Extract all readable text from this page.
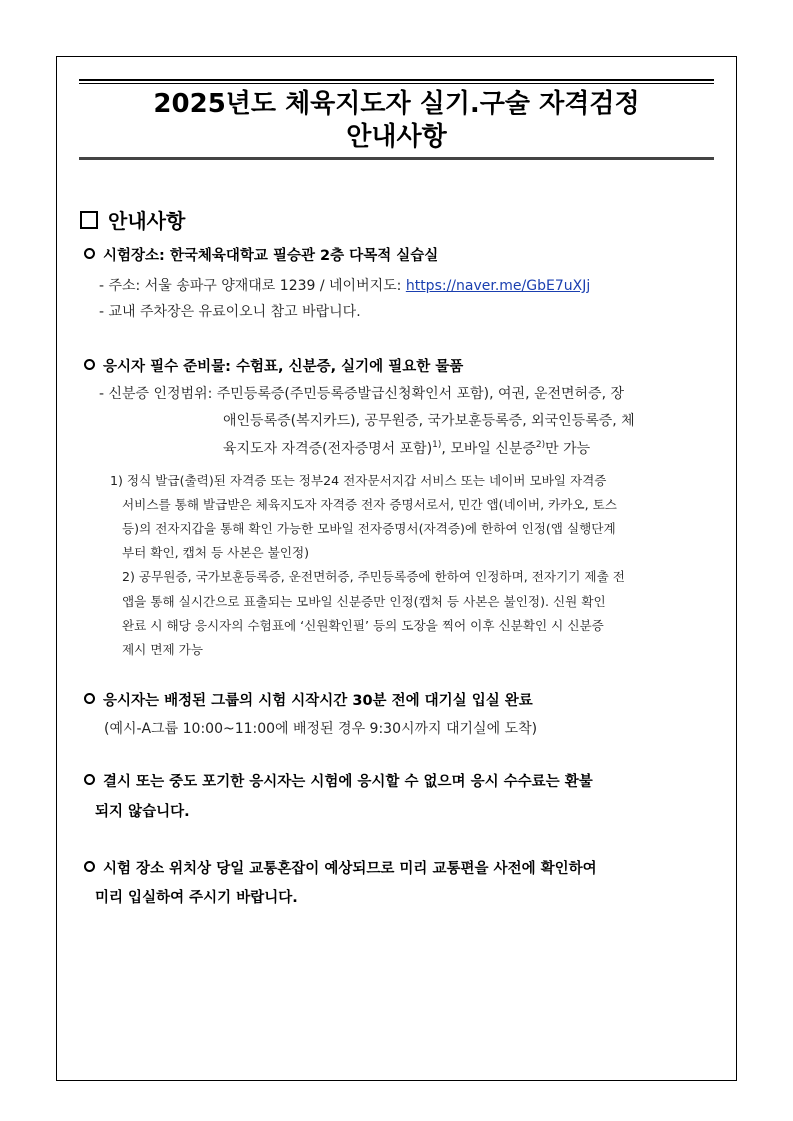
2025년도 체육지도자 실기.구술 자격검정
안내사항
안내사항
시험장소: 한국체육대학교 필승관 2층 다목적 실습실
- 주소: 서울 송파구 양재대로 1239 / 네이버지도: https://naver.me/GbE7uXJj
- 교내 주차장은 유료이오니 참고 바랍니다.
응시자 필수 준비물: 수험표, 신분증, 실기에 필요한 물품
- 신분증 인정범위: 주민등록증(주민등록증발급신청확인서 포함), 여권, 운전면허증, 장
애인등록증(복지카드), 공무원증, 국가보훈등록증, 외국인등록증, 체
육지도자 자격증(전자증명서 포함)$^{1)}$, 모바일 신분증$^{2)}$만 가능
1) 정식 발급(출력)된 자격증 또는 정부24 전자문서지갑 서비스 또는 네이버 모바일 자격증
서비스를 통해 발급받은 체육지도자 자격증 전자 증명서로서, 민간 앱(네이버, 카카오, 토스
등)의 전자지갑을 통해 확인 가능한 모바일 전자증명서(자격증)에 한하여 인정(앱 실행단계
부터 확인, 캡처 등 사본은 불인정)
2) 공무원증, 국가보훈등록증, 운전면허증, 주민등록증에 한하여 인정하며, 전자기기 제출 전
앱을 통해 실시간으로 표출되는 모바일 신분증만 인정(캡처 등 사본은 불인정). 신원 확인
완료 시 해당 응시자의 수험표에 ‘신원확인필’ 등의 도장을 찍어 이후 신분확인 시 신분증
제시 면제 가능
응시자는 배정된 그룹의 시험 시작시간 30분 전에 대기실 입실 완료
(예시-A그룹 10:00~11:00에 배정된 경우 9:30시까지 대기실에 도착)
결시 또는 중도 포기한 응시자는 시험에 응시할 수 없으며 응시 수수료는 환불
되지 않습니다.
시험 장소 위치상 당일 교통혼잡이 예상되므로 미리 교통편을 사전에 확인하여
미리 입실하여 주시기 바랍니다.
